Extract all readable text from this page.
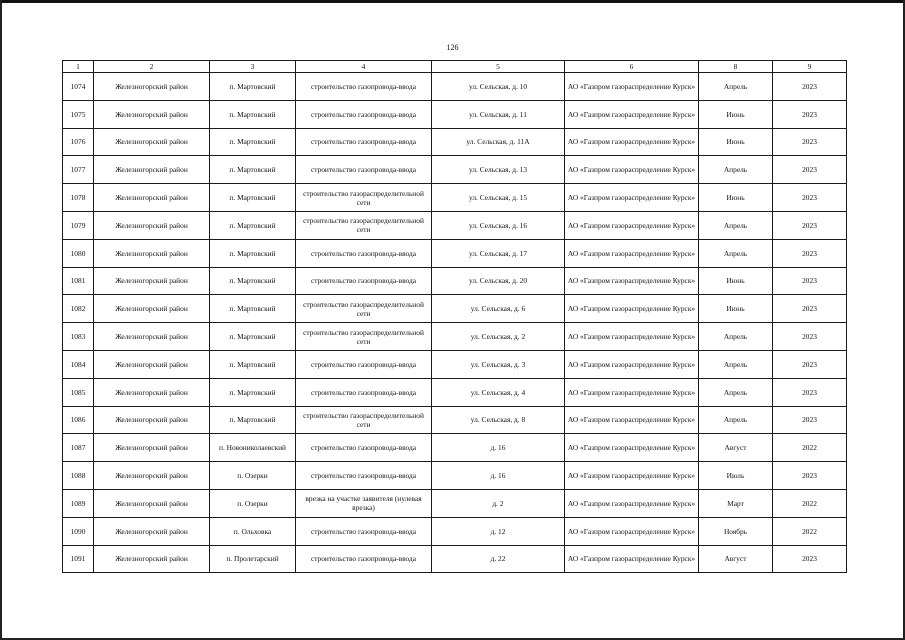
126
1	2	3	4	5	6	8	9
1074	Железногорский район	п. Мартовский	строительство газопровода-ввода	ул. Сельская, д. 10	АО «Газпром газораспределение Курск»	Апрель	2023
1075	Железногорский район	п. Мартовский	строительство газопровода-ввода	ул. Сельская, д. 11	АО «Газпром газораспределение Курск»	Июнь	2023
1076	Железногорский район	п. Мартовский	строительство газопровода-ввода	ул. Сельская, д. 11А	АО «Газпром газораспределение Курск»	Июнь	2023
1077	Железногорский район	п. Мартовский	строительство газопровода-ввода	ул. Сельская, д. 13	АО «Газпром газораспределение Курск»	Апрель	2023
1078	Железногорский район	п. Мартовский	строительство газораспределительной сети	ул. Сельская, д. 15	АО «Газпром газораспределение Курск»	Июнь	2023
1079	Железногорский район	п. Мартовский	строительство газораспределительной сети	ул. Сельская, д. 16	АО «Газпром газораспределение Курск»	Апрель	2023
1080	Железногорский район	п. Мартовский	строительство газопровода-ввода	ул. Сельская, д. 17	АО «Газпром газораспределение Курск»	Апрель	2023
1081	Железногорский район	п. Мартовский	строительство газопровода-ввода	ул. Сельская, д. 20	АО «Газпром газораспределение Курск»	Июнь	2023
1082	Железногорский район	п. Мартовский	строительство газораспределительной сети	ул. Сельская, д. 6	АО «Газпром газораспределение Курск»	Июнь	2023
1083	Железногорский район	п. Мартовский	строительство газораспределительной сети	ул. Сельская, д. 2	АО «Газпром газораспределение Курск»	Апрель	2023
1084	Железногорский район	п. Мартовский	строительство газопровода-ввода	ул. Сельская, д. 3	АО «Газпром газораспределение Курск»	Апрель	2023
1085	Железногорский район	п. Мартовский	строительство газопровода-ввода	ул. Сельская, д. 4	АО «Газпром газораспределение Курск»	Апрель	2023
1086	Железногорский район	п. Мартовский	строительство газораспределительной сети	ул. Сельская, д. 8	АО «Газпром газораспределение Курск»	Апрель	2023
1087	Железногорский район	п. Новониколаевский	строительство газопровода-ввода	д. 16	АО «Газпром газораспределение Курск»	Август	2022
1088	Железногорский район	п. Озерки	строительство газопровода-ввода	д. 16	АО «Газпром газораспределение Курск»	Июль	2023
1089	Железногорский район	п. Озерки	врезка на участке заявителя (нулевая врезка)	д. 2	АО «Газпром газораспределение Курск»	Март	2022
1090	Железногорский район	п. Ольховка	строительство газопровода-ввода	д. 12	АО «Газпром газораспределение Курск»	Ноябрь	2022
1091	Железногорский район	п. Пролетарский	строительство газопровода-ввода	д. 22	АО «Газпром газораспределение Курск»	Август	2023
